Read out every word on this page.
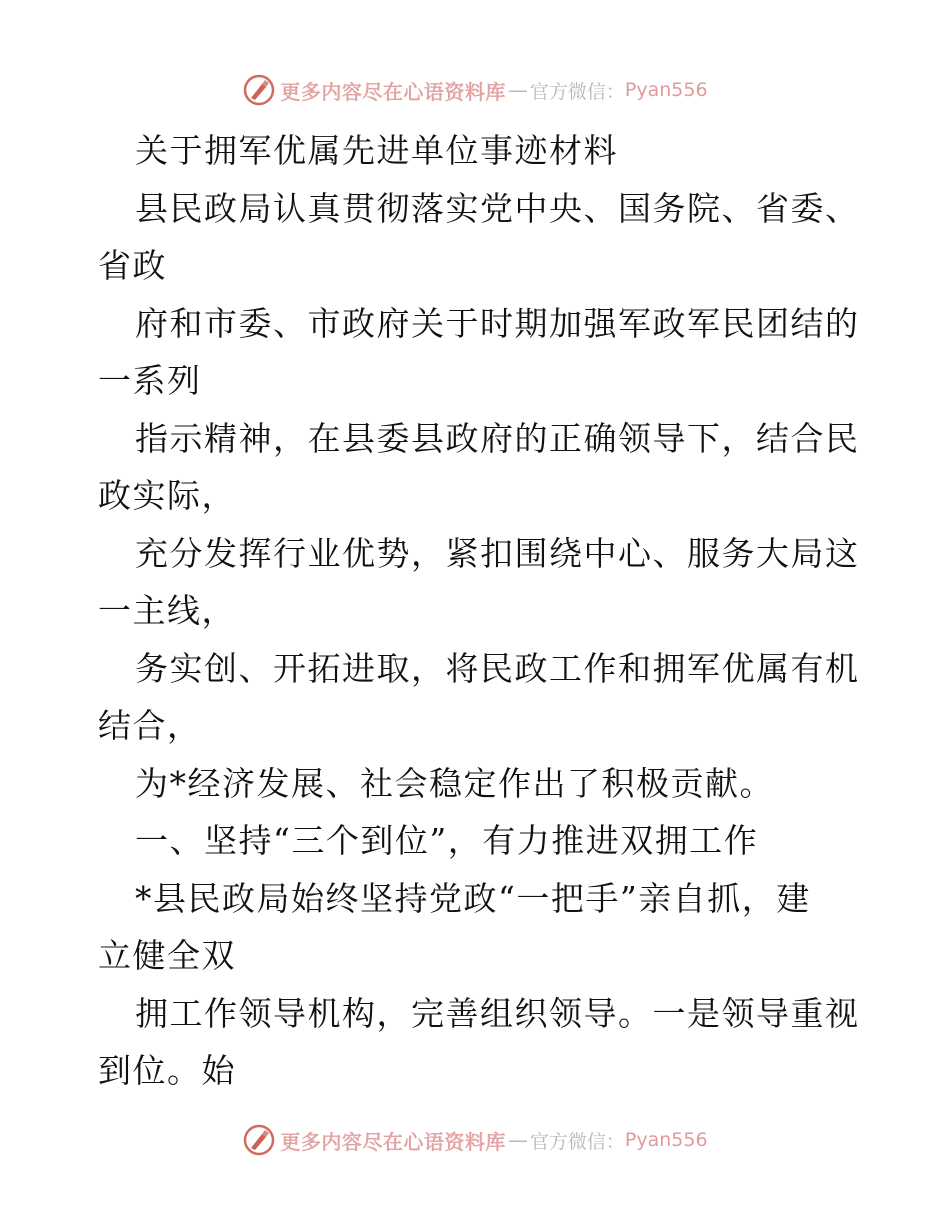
更多内容尽在心语资料库 — 官方微信： Pyan556
关于拥军优属先进单位事迹材料
县民政局认真贯彻落实党中央、国务院、省委、
省政
府和市委、市政府关于时期加强军政军民团结的
一系列
指示精神，在县委县政府的正确领导下，结合民
政实际，
充分发挥行业优势，紧扣围绕中心、服务大局这
一主线，
务实创、开拓进取，将民政工作和拥军优属有机
结合，
为*经济发展、社会稳定作出了积极贡献。
一、坚持“三个到位”，有力推进双拥工作
*县民政局始终坚持党政“一把手”亲自抓，建
立健全双
拥工作领导机构，完善组织领导。一是领导重视
到位。始
更多内容尽在心语资料库 — 官方微信： Pyan556
